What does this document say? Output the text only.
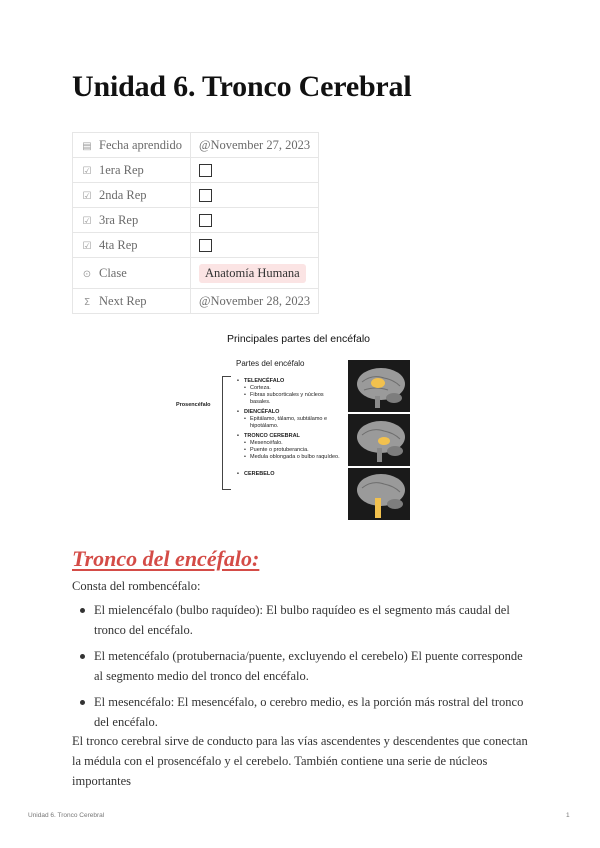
Unidad 6. Tronco Cerebral
▤ Fecha aprendido	@November 27, 2023
☑ 1era Rep	
☑ 2nda Rep	
☑ 3ra Rep	
☑ 4ta Rep	
⊙ Clase	Anatomía Humana
Σ Next Rep	@November 28, 2023
Principales partes del encéfalo
Partes del encéfalo
Prosencéfalo
• TELENCÉFALO
• Corteza.
• Fibras subcorticales y núcleos basales.
• DIENCÉFALO
• Epitálamo, tálamo, subtálamo e hipotálamo.
• TRONCO CEREBRAL
• Mesencéfalo.
• Puente o protuberancia.
• Medula oblongada o bulbo raquídeo.
• CEREBELO
Tronco del encéfalo:

Consta del rombencéfalo:

El mielencéfalo (bulbo raquídeo): El bulbo raquídeo es el segmento más caudal del tronco del encéfalo.
El metencéfalo (protubernacia/puente, excluyendo el cerebelo) El puente corresponde al segmento medio del tronco del encéfalo.
El mesencéfalo: El mesencéfalo, o cerebro medio, es la porción más rostral del tronco del encéfalo.

El tronco cerebral sirve de conducto para las vías ascendentes y descendentes que conectan la médula con el prosencéfalo y el cerebelo. También contiene una serie de núcleos importantes

Unidad 6. Tronco Cerebral	1
